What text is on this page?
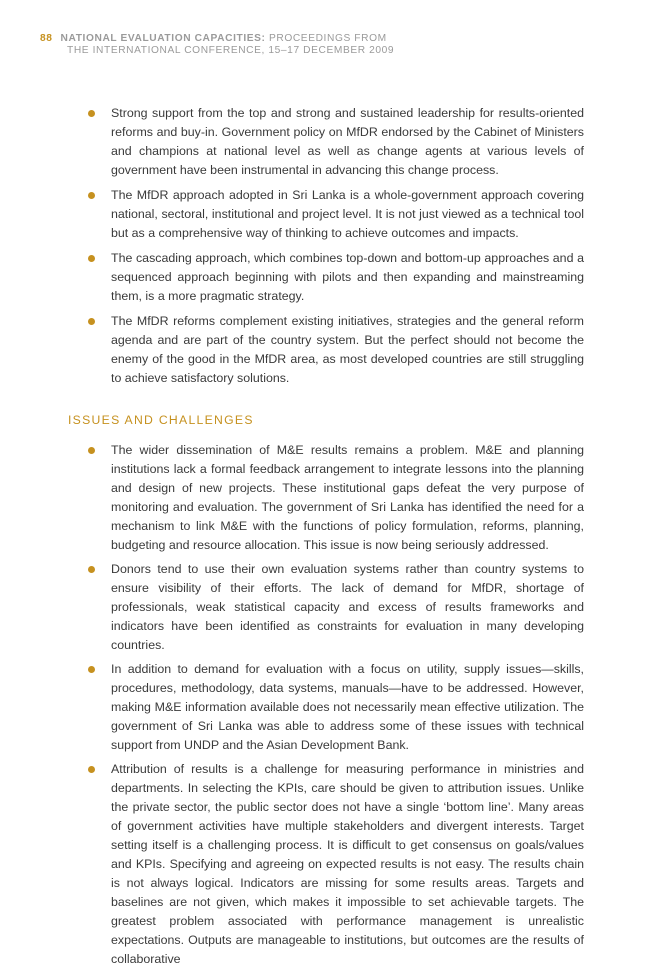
88 NATIONAL EVALUATION CAPACITIES: PROCEEDINGS FROM
THE INTERNATIONAL CONFERENCE, 15–17 DECEMBER 2009
Strong support from the top and strong and sustained leadership for results-oriented reforms and buy-in. Government policy on MfDR endorsed by the Cabinet of Ministers and champions at national level as well as change agents at various levels of government have been instrumental in advancing this change process.
The MfDR approach adopted in Sri Lanka is a whole-government approach covering national, sectoral, institutional and project level. It is not just viewed as a technical tool but as a comprehensive way of thinking to achieve outcomes and impacts.
The cascading approach, which combines top-down and bottom-up approaches and a sequenced approach beginning with pilots and then expanding and mainstreaming them, is a more pragmatic strategy.
The MfDR reforms complement existing initiatives, strategies and the general reform agenda and are part of the country system. But the perfect should not become the enemy of the good in the MfDR area, as most developed countries are still struggling to achieve satisfactory solutions.
ISSUES AND CHALLENGES
The wider dissemination of M&E results remains a problem. M&E and planning institutions lack a formal feedback arrangement to integrate lessons into the planning and design of new projects. These institutional gaps defeat the very purpose of monitoring and evaluation. The government of Sri Lanka has identified the need for a mechanism to link M&E with the functions of policy formulation, reforms, planning, budgeting and resource allocation. This issue is now being seriously addressed.
Donors tend to use their own evaluation systems rather than country systems to ensure visibility of their efforts. The lack of demand for MfDR, shortage of professionals, weak statistical capacity and excess of results frameworks and indicators have been identified as constraints for evaluation in many developing countries.
In addition to demand for evaluation with a focus on utility, supply issues—skills, procedures, methodology, data systems, manuals—have to be addressed. However, making M&E information available does not necessarily mean effective utilization. The government of Sri Lanka was able to address some of these issues with technical support from UNDP and the Asian Development Bank.
Attribution of results is a challenge for measuring performance in ministries and departments. In selecting the KPIs, care should be given to attribution issues. Unlike the private sector, the public sector does not have a single ‘bottom line’. Many areas of government activities have multiple stakeholders and divergent interests. Target setting itself is a challenging process. It is difficult to get consensus on goals/values and KPIs. Specifying and agreeing on expected results is not easy. The results chain is not always logical. Indicators are missing for some results areas. Targets and baselines are not given, which makes it impossible to set achievable targets. The greatest problem associated with performance management is unrealistic expectations. Outputs are manageable to institutions, but outcomes are the results of collaborative
